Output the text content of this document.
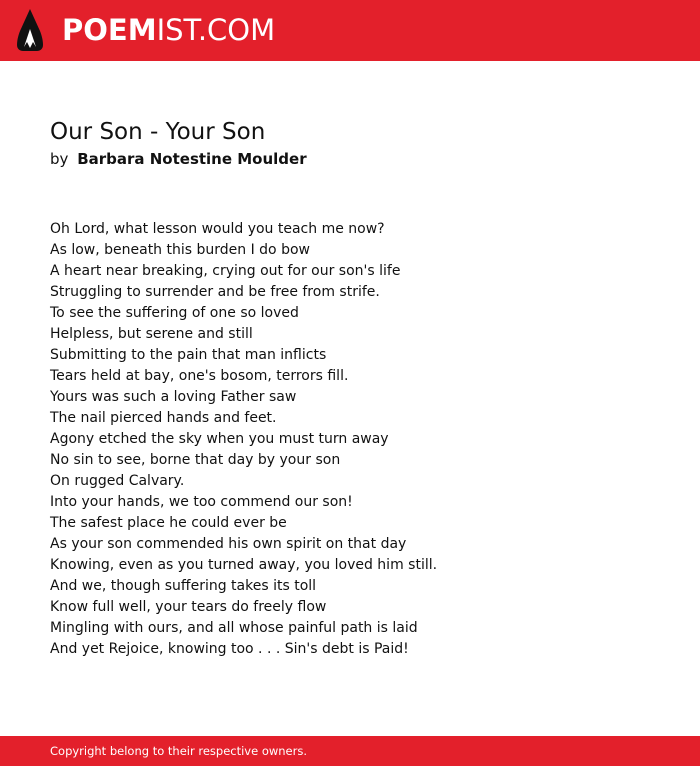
POEMIST.COM
Our Son - Your Son
by Barbara Notestine Moulder
Oh Lord, what lesson would you teach me now?
As low, beneath this burden I do bow
A heart near breaking, crying out for our son's life
Struggling to surrender and be free from strife.
To see the suffering of one so loved
Helpless, but serene and still
Submitting to the pain that man inflicts
Tears held at bay, one's bosom, terrors fill.
Yours was such a loving Father saw
The nail pierced hands and feet.
Agony etched the sky when you must turn away
No sin to see, borne that day by your son
On rugged Calvary.
Into your hands, we too commend our son!
The safest place he could ever be
As your son commended his own spirit on that day
Knowing, even as you turned away, you loved him still.
And we, though suffering takes its toll
Know full well, your tears do freely flow
Mingling with ours, and all whose painful path is laid
And yet Rejoice, knowing too . . . Sin's debt is Paid!
Copyright belong to their respective owners.
